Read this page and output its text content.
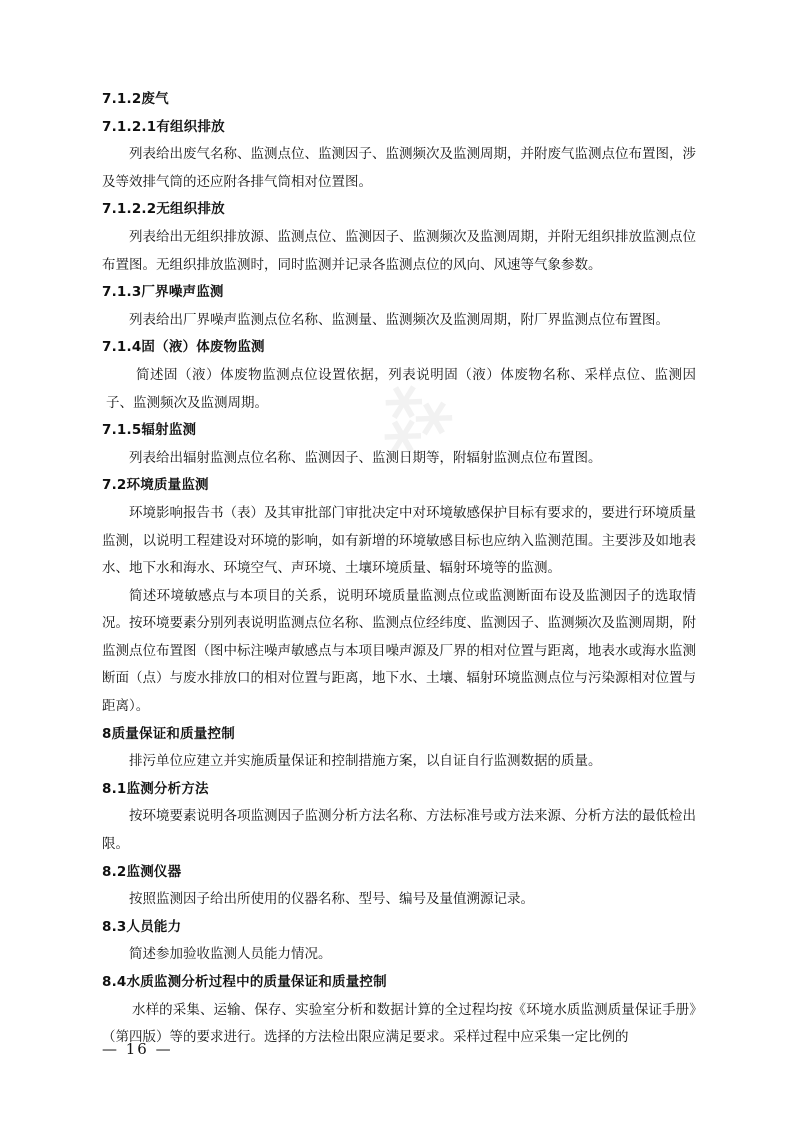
⁂
7.1.2废气
7.1.2.1有组织排放

列表给出废气名称、监测点位、监测因子、监测频次及监测周期，并附废气监测点位布置图，涉及等效排气筒的还应附各排气筒相对位置图。

7.1.2.2无组织排放

列表给出无组织排放源、监测点位、监测因子、监测频次及监测周期，并附无组织排放监测点位布置图。无组织排放监测时，同时监测并记录各监测点位的风向、风速等气象参数。

7.1.3厂界噪声监测

列表给出厂界噪声监测点位名称、监测量、监测频次及监测周期，附厂界监测点位布置图。

7.1.4固（液）体废物监测

简述固（液）体废物监测点位设置依据，列表说明固（液）体废物名称、采样点位、监测因子、监测频次及监测周期。

7.1.5辐射监测

列表给出辐射监测点位名称、监测因子、监测日期等，附辐射监测点位布置图。

7.2环境质量监测

环境影响报告书（表）及其审批部门审批决定中对环境敏感保护目标有要求的，要进行环境质量监测，以说明工程建设对环境的影响，如有新增的环境敏感目标也应纳入监测范围。主要涉及如地表水、地下水和海水、环境空气、声环境、土壤环境质量、辐射环境等的监测。

简述环境敏感点与本项目的关系，说明环境质量监测点位或监测断面布设及监测因子的选取情况。按环境要素分别列表说明监测点位名称、监测点位经纬度、监测因子、监测频次及监测周期，附监测点位布置图（图中标注噪声敏感点与本项目噪声源及厂界的相对位置与距离，地表水或海水监测断面（点）与废水排放口的相对位置与距离，地下水、土壤、辐射环境监测点位与污染源相对位置与距离）。

8质量保证和质量控制

排污单位应建立并实施质量保证和控制措施方案，以自证自行监测数据的质量。

8.1监测分析方法

按环境要素说明各项监测因子监测分析方法名称、方法标准号或方法来源、分析方法的最低检出限。

8.2监测仪器

按照监测因子给出所使用的仪器名称、型号、编号及量值溯源记录。

8.3人员能力

简述参加验收监测人员能力情况。

8.4水质监测分析过程中的质量保证和质量控制

水样的采集、运输、保存、实验室分析和数据计算的全过程均按《环境水质监测质量保证手册》（第四版）等的要求进行。选择的方法检出限应满足要求。采样过程中应采集一定比例的

— 16 —
